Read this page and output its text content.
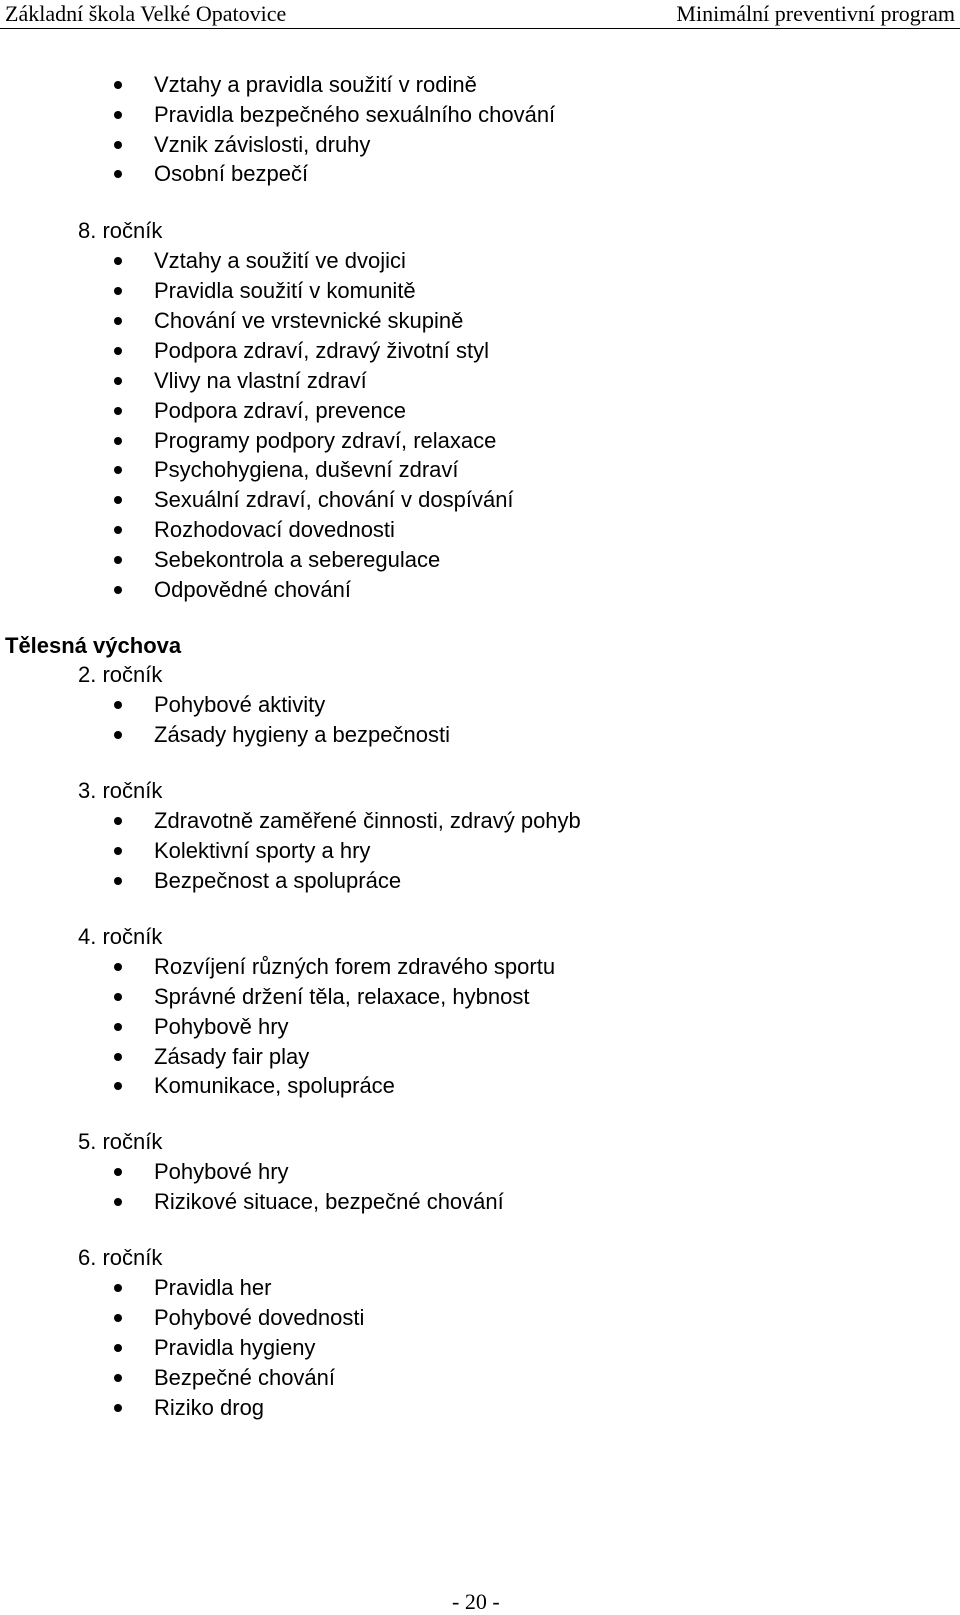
Základní škola Velké Opatovice	Minimální preventivní program
Vztahy a pravidla soužití v rodině
Pravidla bezpečného sexuálního chování
Vznik závislosti, druhy
Osobní bezpečí
8. ročník
Vztahy a soužití ve dvojici
Pravidla soužití v komunitě
Chování ve vrstevnické skupině
Podpora zdraví, zdravý životní styl
Vlivy na vlastní zdraví
Podpora zdraví, prevence
Programy podpory zdraví, relaxace
Psychohygiena, duševní zdraví
Sexuální zdraví, chování v dospívání
Rozhodovací dovednosti
Sebekontrola a seberegulace
Odpovědné chování
Tělesná výchova
2. ročník
Pohybové aktivity
Zásady hygieny a bezpečnosti
3. ročník
Zdravotně zaměřené činnosti, zdravý pohyb
Kolektivní sporty a hry
Bezpečnost a spolupráce
4. ročník
Rozvíjení různých forem zdravého sportu
Správné držení těla, relaxace, hybnost
Pohybově hry
Zásady fair play
Komunikace, spolupráce
5. ročník
Pohybové hry
Rizikové situace, bezpečné chování
6. ročník
Pravidla her
Pohybové dovednosti
Pravidla hygieny
Bezpečné chování
Riziko drog
- 20 -
